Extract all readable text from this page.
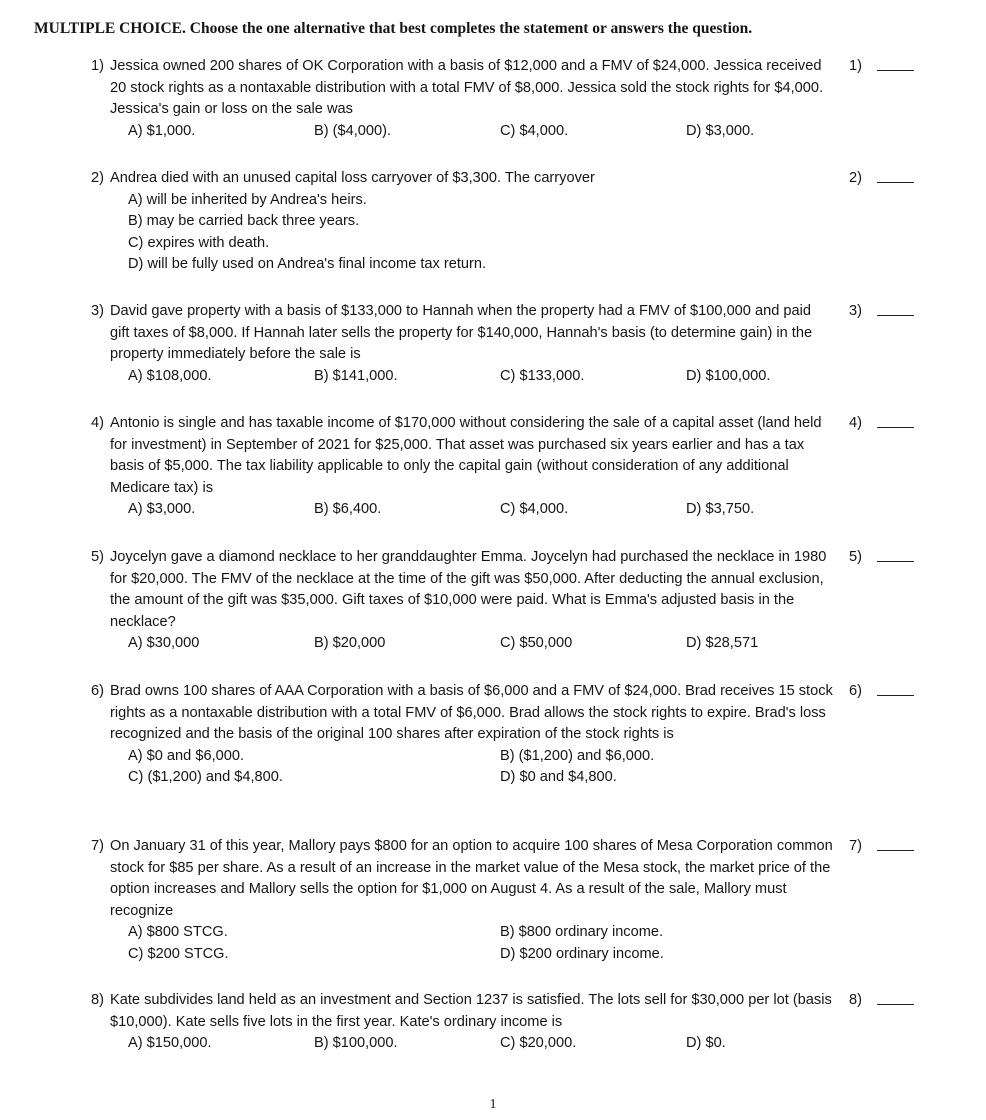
MULTIPLE CHOICE. Choose the one alternative that best completes the statement or answers the question.
1) Jessica owned 200 shares of OK Corporation with a basis of $12,000 and a FMV of $24,000. Jessica received 20 stock rights as a nontaxable distribution with a total FMV of $8,000. Jessica sold the stock rights for $4,000. Jessica's gain or loss on the sale was
1)
A) $1,000.	B) ($4,000).	C) $4,000.	D) $3,000.
2) Andrea died with an unused capital loss carryover of $3,300. The carryover	2)
A) will be inherited by Andrea's heirs.
B) may be carried back three years.
C) expires with death.
D) will be fully used on Andrea's final income tax return.
3) David gave property with a basis of $133,000 to Hannah when the property had a FMV of $100,000 and paid gift taxes of $8,000. If Hannah later sells the property for $140,000, Hannah's basis (to determine gain) in the property immediately before the sale is
3)
A) $108,000.	B) $141,000.	C) $133,000.	D) $100,000.
4) Antonio is single and has taxable income of $170,000 without considering the sale of a capital asset (land held for investment) in September of 2021 for $25,000. That asset was purchased six years earlier and has a tax basis of $5,000. The tax liability applicable to only the capital gain (without consideration of any additional Medicare tax) is
4)
A) $3,000.	B) $6,400.	C) $4,000.	D) $3,750.
5) Joycelyn gave a diamond necklace to her granddaughter Emma. Joycelyn had purchased the necklace in 1980 for $20,000. The FMV of the necklace at the time of the gift was $50,000. After deducting the annual exclusion, the amount of the gift was $35,000. Gift taxes of $10,000 were paid. What is Emma's adjusted basis in the necklace?
5)
A) $30,000	B) $20,000	C) $50,000	D) $28,571
6) Brad owns 100 shares of AAA Corporation with a basis of $6,000 and a FMV of $24,000. Brad receives 15 stock rights as a nontaxable distribution with a total FMV of $6,000. Brad allows the stock rights to expire. Brad's loss recognized and the basis of the original 100 shares after expiration of the stock rights is
6)
A) $0 and $6,000.	B) ($1,200) and $6,000.
C) ($1,200) and $4,800.	D) $0 and $4,800.
7) On January 31 of this year, Mallory pays $800 for an option to acquire 100 shares of Mesa Corporation common stock for $85 per share. As a result of an increase in the market value of the Mesa stock, the market price of the option increases and Mallory sells the option for $1,000 on August 4. As a result of the sale, Mallory must recognize
7)
A) $800 STCG.	B) $800 ordinary income.
C) $200 STCG.	D) $200 ordinary income.
8) Kate subdivides land held as an investment and Section 1237 is satisfied. The lots sell for $30,000 per lot (basis $10,000). Kate sells five lots in the first year. Kate's ordinary income is
8)
A) $150,000.	B) $100,000.	C) $20,000.	D) $0.
1
